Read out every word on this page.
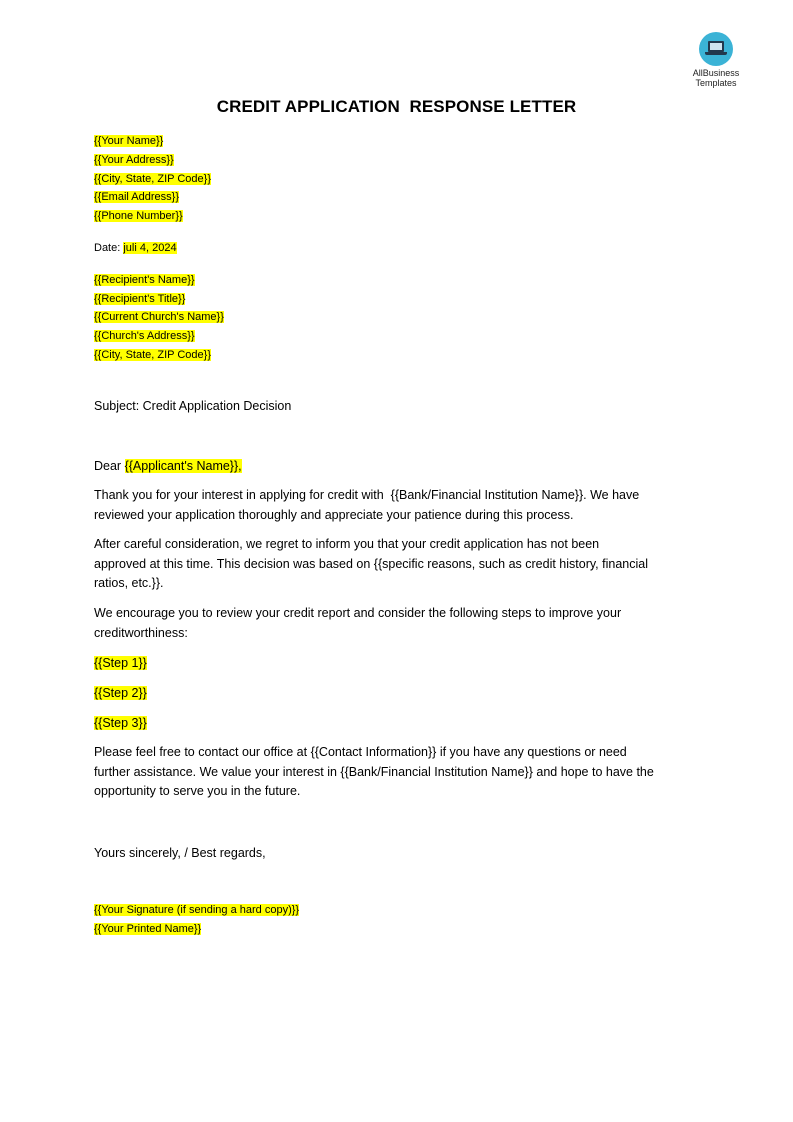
AllBusiness
Templates
CREDIT APPLICATION  RESPONSE LETTER
{{Your Name}}
{{Your Address}}
{{City, State, ZIP Code}}
{{Email Address}}
{{Phone Number}}
Date: juli 4, 2024
{{Recipient's Name}}
{{Recipient's Title}}
{{Current Church's Name}}
{{Church's Address}}
{{City, State, ZIP Code}}
Subject: Credit Application Decision
Dear {{Applicant's Name}},
Thank you for your interest in applying for credit with  {{Bank/Financial Institution Name}}. We have
reviewed your application thoroughly and appreciate your patience during this process.
After careful consideration, we regret to inform you that your credit application has not been
approved at this time. This decision was based on {{specific reasons, such as credit history, financial
ratios, etc.}}.
We encourage you to review your credit report and consider the following steps to improve your
creditworthiness:
{{Step 1}}
{{Step 2}}
{{Step 3}}
Please feel free to contact our office at {{Contact Information}} if you have any questions or need
further assistance. We value your interest in {{Bank/Financial Institution Name}} and hope to have the
opportunity to serve you in the future.
Yours sincerely, / Best regards,
{{Your Signature (if sending a hard copy)}}
{{Your Printed Name}}
